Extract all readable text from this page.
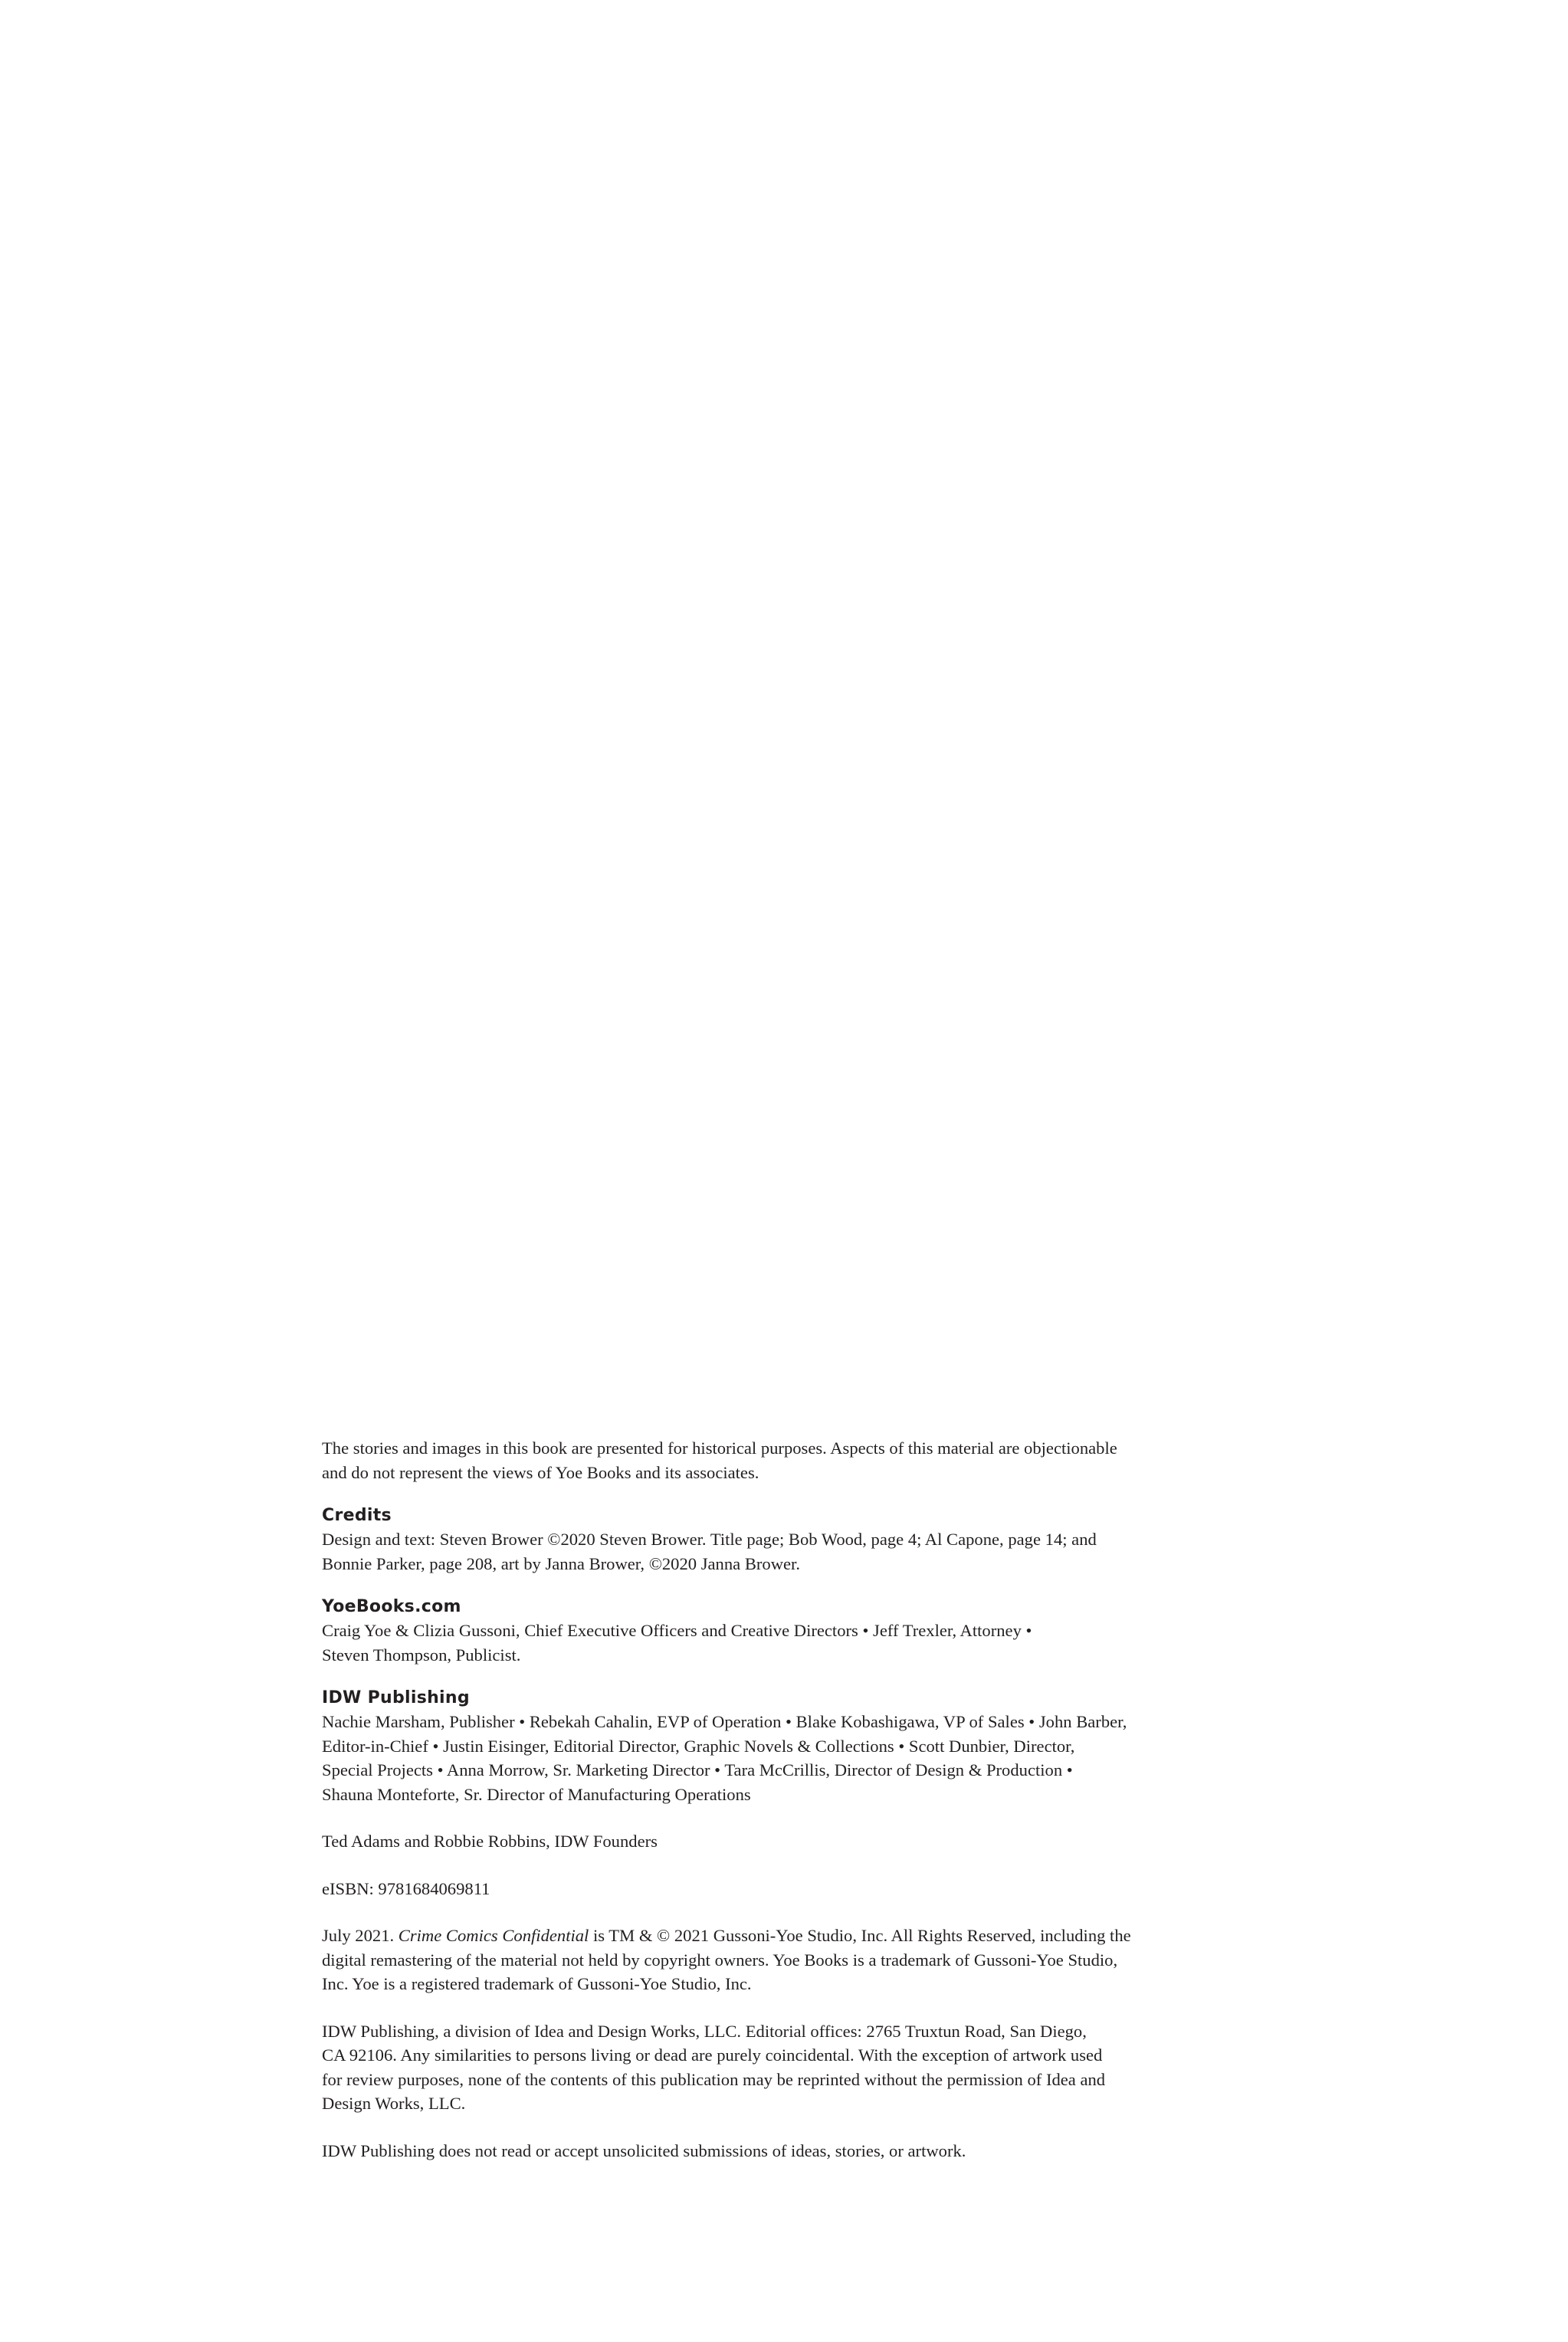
The stories and images in this book are presented for historical purposes. Aspects of this material are objectionable
and do not represent the views of Yoe Books and its associates.

Credits
Design and text: Steven Brower ©2020 Steven Brower. Title page; Bob Wood, page 4; Al Capone, page 14; and
Bonnie Parker, page 208, art by Janna Brower, ©2020 Janna Brower.
YoeBooks.com
Craig Yoe & Clizia Gussoni, Chief Executive Officers and Creative Directors • Jeff Trexler, Attorney •
Steven Thompson, Publicist.
IDW Publishing
Nachie Marsham, Publisher • Rebekah Cahalin, EVP of Operation • Blake Kobashigawa, VP of Sales • John Barber,
Editor-in-Chief • Justin Eisinger, Editorial Director, Graphic Novels & Collections • Scott Dunbier, Director,
Special Projects • Anna Morrow, Sr. Marketing Director • Tara McCrillis, Director of Design & Production •
Shauna Monteforte, Sr. Director of Manufacturing Operations

Ted Adams and Robbie Robbins, IDW Founders

eISBN: 9781684069811

July 2021. Crime Comics Confidential is TM & © 2021 Gussoni-Yoe Studio, Inc. All Rights Reserved, including the
digital remastering of the material not held by copyright owners. Yoe Books is a trademark of Gussoni-Yoe Studio,
Inc. Yoe is a registered trademark of Gussoni-Yoe Studio, Inc.

IDW Publishing, a division of Idea and Design Works, LLC. Editorial offices: 2765 Truxtun Road, San Diego,
CA 92106. Any similarities to persons living or dead are purely coincidental. With the exception of artwork used
for review purposes, none of the contents of this publication may be reprinted without the permission of Idea and
Design Works, LLC.

IDW Publishing does not read or accept unsolicited submissions of ideas, stories, or artwork.
